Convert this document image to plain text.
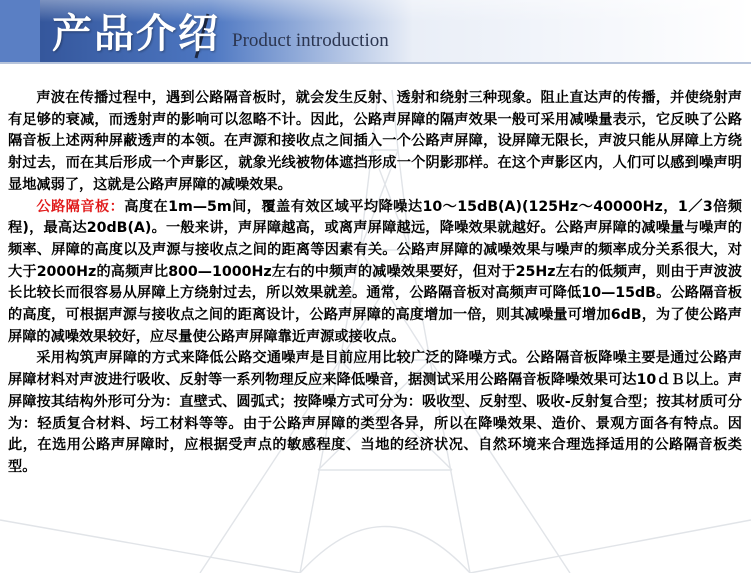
产品介绍 Product introduction

声波在传播过程中，遇到公路隔音板时，就会发生反射、透射和绕射三种现象。阻止直达声的传播，并使绕射声有足够的衰减，而透射声的影响可以忽略不计。因此，公路声屏障的隔声效果一般可采用减噪量表示，它反映了公路隔音板上述两种屏蔽透声的本领。在声源和接收点之间插入一个公路声屏障，设屏障无限长，声波只能从屏障上方绕射过去，而在其后形成一个声影区，就象光线被物体遮挡形成一个阴影那样。在这个声影区内，人们可以感到噪声明显地减弱了，这就是公路声屏障的减噪效果。

公路隔音板：高度在1m—5m间，覆盖有效区域平均降噪达10～15dB(A)(125Hz～40000Hz，1／3倍频程)，最高达20dB(A)。一般来讲，声屏障越高，或离声屏障越远，降噪效果就越好。公路声屏障的减噪量与噪声的频率、屏障的高度以及声源与接收点之间的距离等因素有关。公路声屏障的减噪效果与噪声的频率成分关系很大，对大于2000Hz的高频声比800—1000Hz左右的中频声的减噪效果要好，但对于25Hz左右的低频声，则由于声波波长比较长而很容易从屏障上方绕射过去，所以效果就差。通常，公路隔音板对高频声可降低10—15dB。公路隔音板的高度，可根据声源与接收点之间的距离设计，公路声屏障的高度增加一倍，则其减噪量可增加6dB，为了使公路声屏障的减噪效果较好，应尽量使公路声屏障靠近声源或接收点。

采用构筑声屏障的方式来降低公路交通噪声是目前应用比较广泛的降噪方式。公路隔音板降噪主要是通过公路声屏障材料对声波进行吸收、反射等一系列物理反应来降低噪音，据测试采用公路隔音板降噪效果可达10ｄＢ以上。声屏障按其结构外形可分为：直壁式、圆弧式；按降噪方式可分为：吸收型、反射型、吸收-反射复合型；按其材质可分为：轻质复合材料、圬工材料等等。由于公路声屏障的类型各异，所以在降噪效果、造价、景观方面各有特点。因此，在选用公路声屏障时，应根据受声点的敏感程度、当地的经济状况、自然环境来合理选择适用的公路隔音板类型。
